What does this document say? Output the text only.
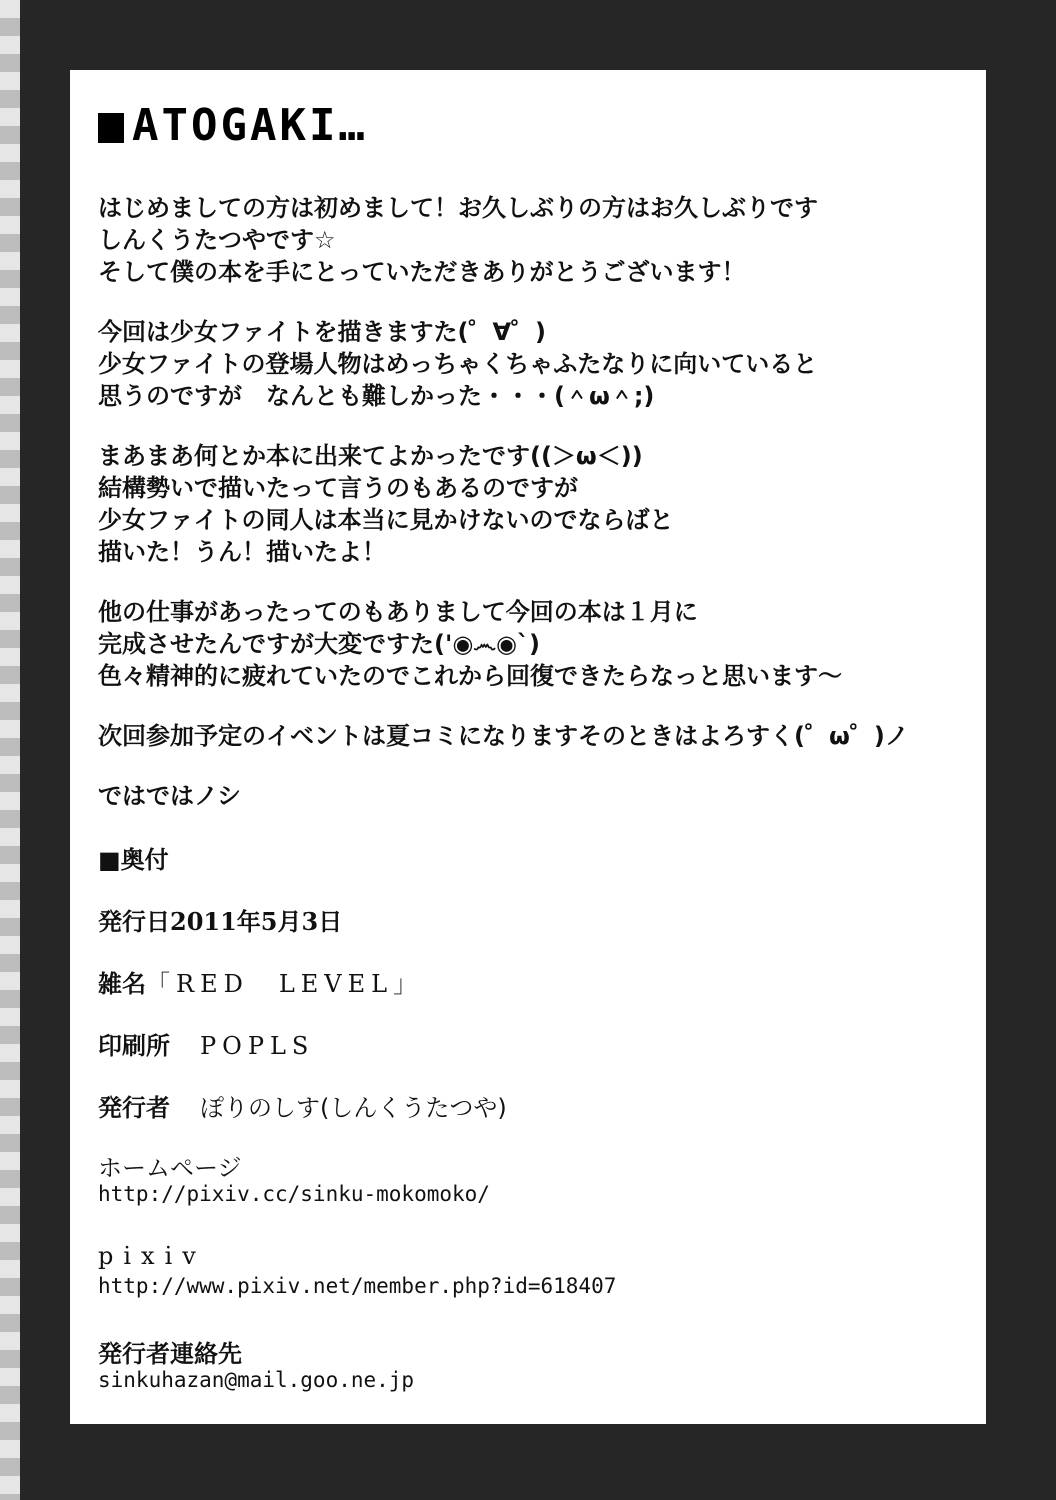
ATOGAKI…
はじめましての方は初めまして！お久しぶりの方はお久しぶりです
しんくうたつやです☆
そして僕の本を手にとっていただきありがとうございます！
今回は少女ファイトを描きますた(゜∀゜)
少女ファイトの登場人物はめっちゃくちゃふたなりに向いていると
思うのですが　なんとも難しかった・・・(＾ω＾;)
まあまあ何とか本に出来てよかったです((＞ω＜))
結構勢いで描いたって言うのもあるのですが
少女ファイトの同人は本当に見かけないのでならばと
描いた！うん！描いたよ！
他の仕事があったってのもありまして今回の本は１月に
完成させたんですが大変ですた('◉෴◉`)
色々精神的に疲れていたのでこれから回復できたらなっと思います～
次回参加予定のイベントは夏コミになりますそのときはよろすく(゜ω゜)ノ
ではではノシ
■奥付
発行日2011年5月3日
雑名「RED　LEVEL」
印刷所 POPLS
発行者 ぽりのしす(しんくうたつや)
ホームページ
http://pixiv.cc/sinku-mokomoko/
pixiv
http://www.pixiv.net/member.php?id=618407
発行者連絡先
sinkuhazan@mail.goo.ne.jp
